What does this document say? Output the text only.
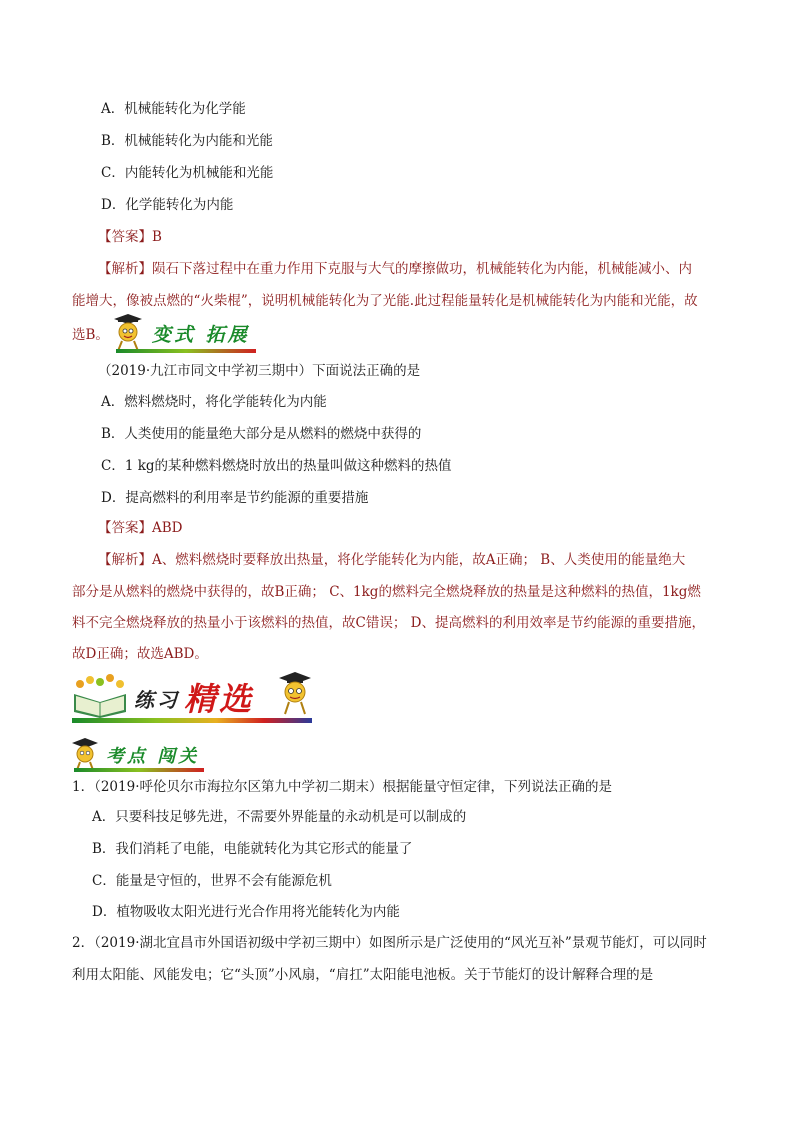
A．机械能转化为化学能
B．机械能转化为内能和光能
C．内能转化为机械能和光能
D．化学能转化为内能
【答案】B
【解析】陨石下落过程中在重力作用下克服与大气的摩擦做功，机械能转化为内能，机械能减小、内
能增大，像被点燃的“火柴棍”，说明机械能转化为了光能.此过程能量转化是机械能转化为内能和光能，故
选B。 变式 拓展
（2019·九江市同文中学初三期中）下面说法正确的是
A．燃料燃烧时，将化学能转化为内能
B．人类使用的能量绝大部分是从燃料的燃烧中获得的
C．1 kg的某种燃料燃烧时放出的热量叫做这种燃料的热值
D．提高燃料的利用率是节约能源的重要措施
【答案】ABD
【解析】A、燃料燃烧时要释放出热量，将化学能转化为内能，故A正确； B、人类使用的能量绝大
部分是从燃料的燃烧中获得的，故B正确； C、1kg的燃料完全燃烧释放的热量是这种燃料的热值，1kg燃
料不完全燃烧释放的热量小于该燃料的热值，故C错误； D、提高燃料的利用效率是节约能源的重要措施，
故D正确；故选ABD。
练习 精选
考点 闯关
1．（2019·呼伦贝尔市海拉尔区第九中学初二期末）根据能量守恒定律，下列说法正确的是
A．只要科技足够先进，不需要外界能量的永动机是可以制成的
B．我们消耗了电能，电能就转化为其它形式的能量了
C．能量是守恒的，世界不会有能源危机
D．植物吸收太阳光进行光合作用将光能转化为内能
2．（2019·湖北宜昌市外国语初级中学初三期中）如图所示是广泛使用的“风光互补”景观节能灯，可以同时
利用太阳能、风能发电；它“头顶”小风扇，“肩扛”太阳能电池板。关于节能灯的设计解释合理的是
